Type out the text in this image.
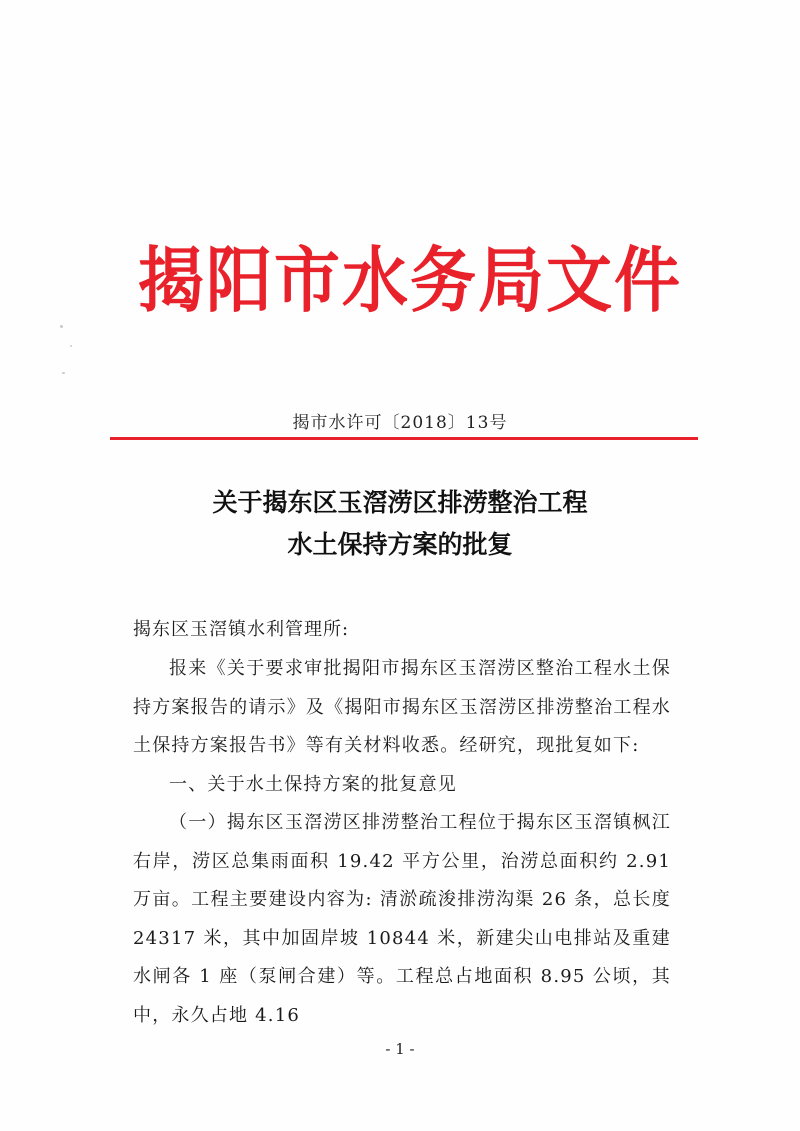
揭阳市水务局文件
揭市水许可〔2018〕13号
关于揭东区玉滘涝区排涝整治工程
水土保持方案的批复
揭东区玉滘镇水利管理所:

报来《关于要求审批揭阳市揭东区玉滘涝区整治工程水土保持方案报告的请示》及《揭阳市揭东区玉滘涝区排涝整治工程水土保持方案报告书》等有关材料收悉。经研究，现批复如下:

一、关于水土保持方案的批复意见

（一）揭东区玉滘涝区排涝整治工程位于揭东区玉滘镇枫江右岸，涝区总集雨面积 19.42 平方公里，治涝总面积约 2.91 万亩。工程主要建设内容为: 清淤疏浚排涝沟渠 26 条，总长度 24317 米，其中加固岸坡 10844 米，新建尖山电排站及重建水闸各 1 座（泵闸合建）等。工程总占地面积 8.95 公顷，其中，永久占地 4.16

- 1 -
